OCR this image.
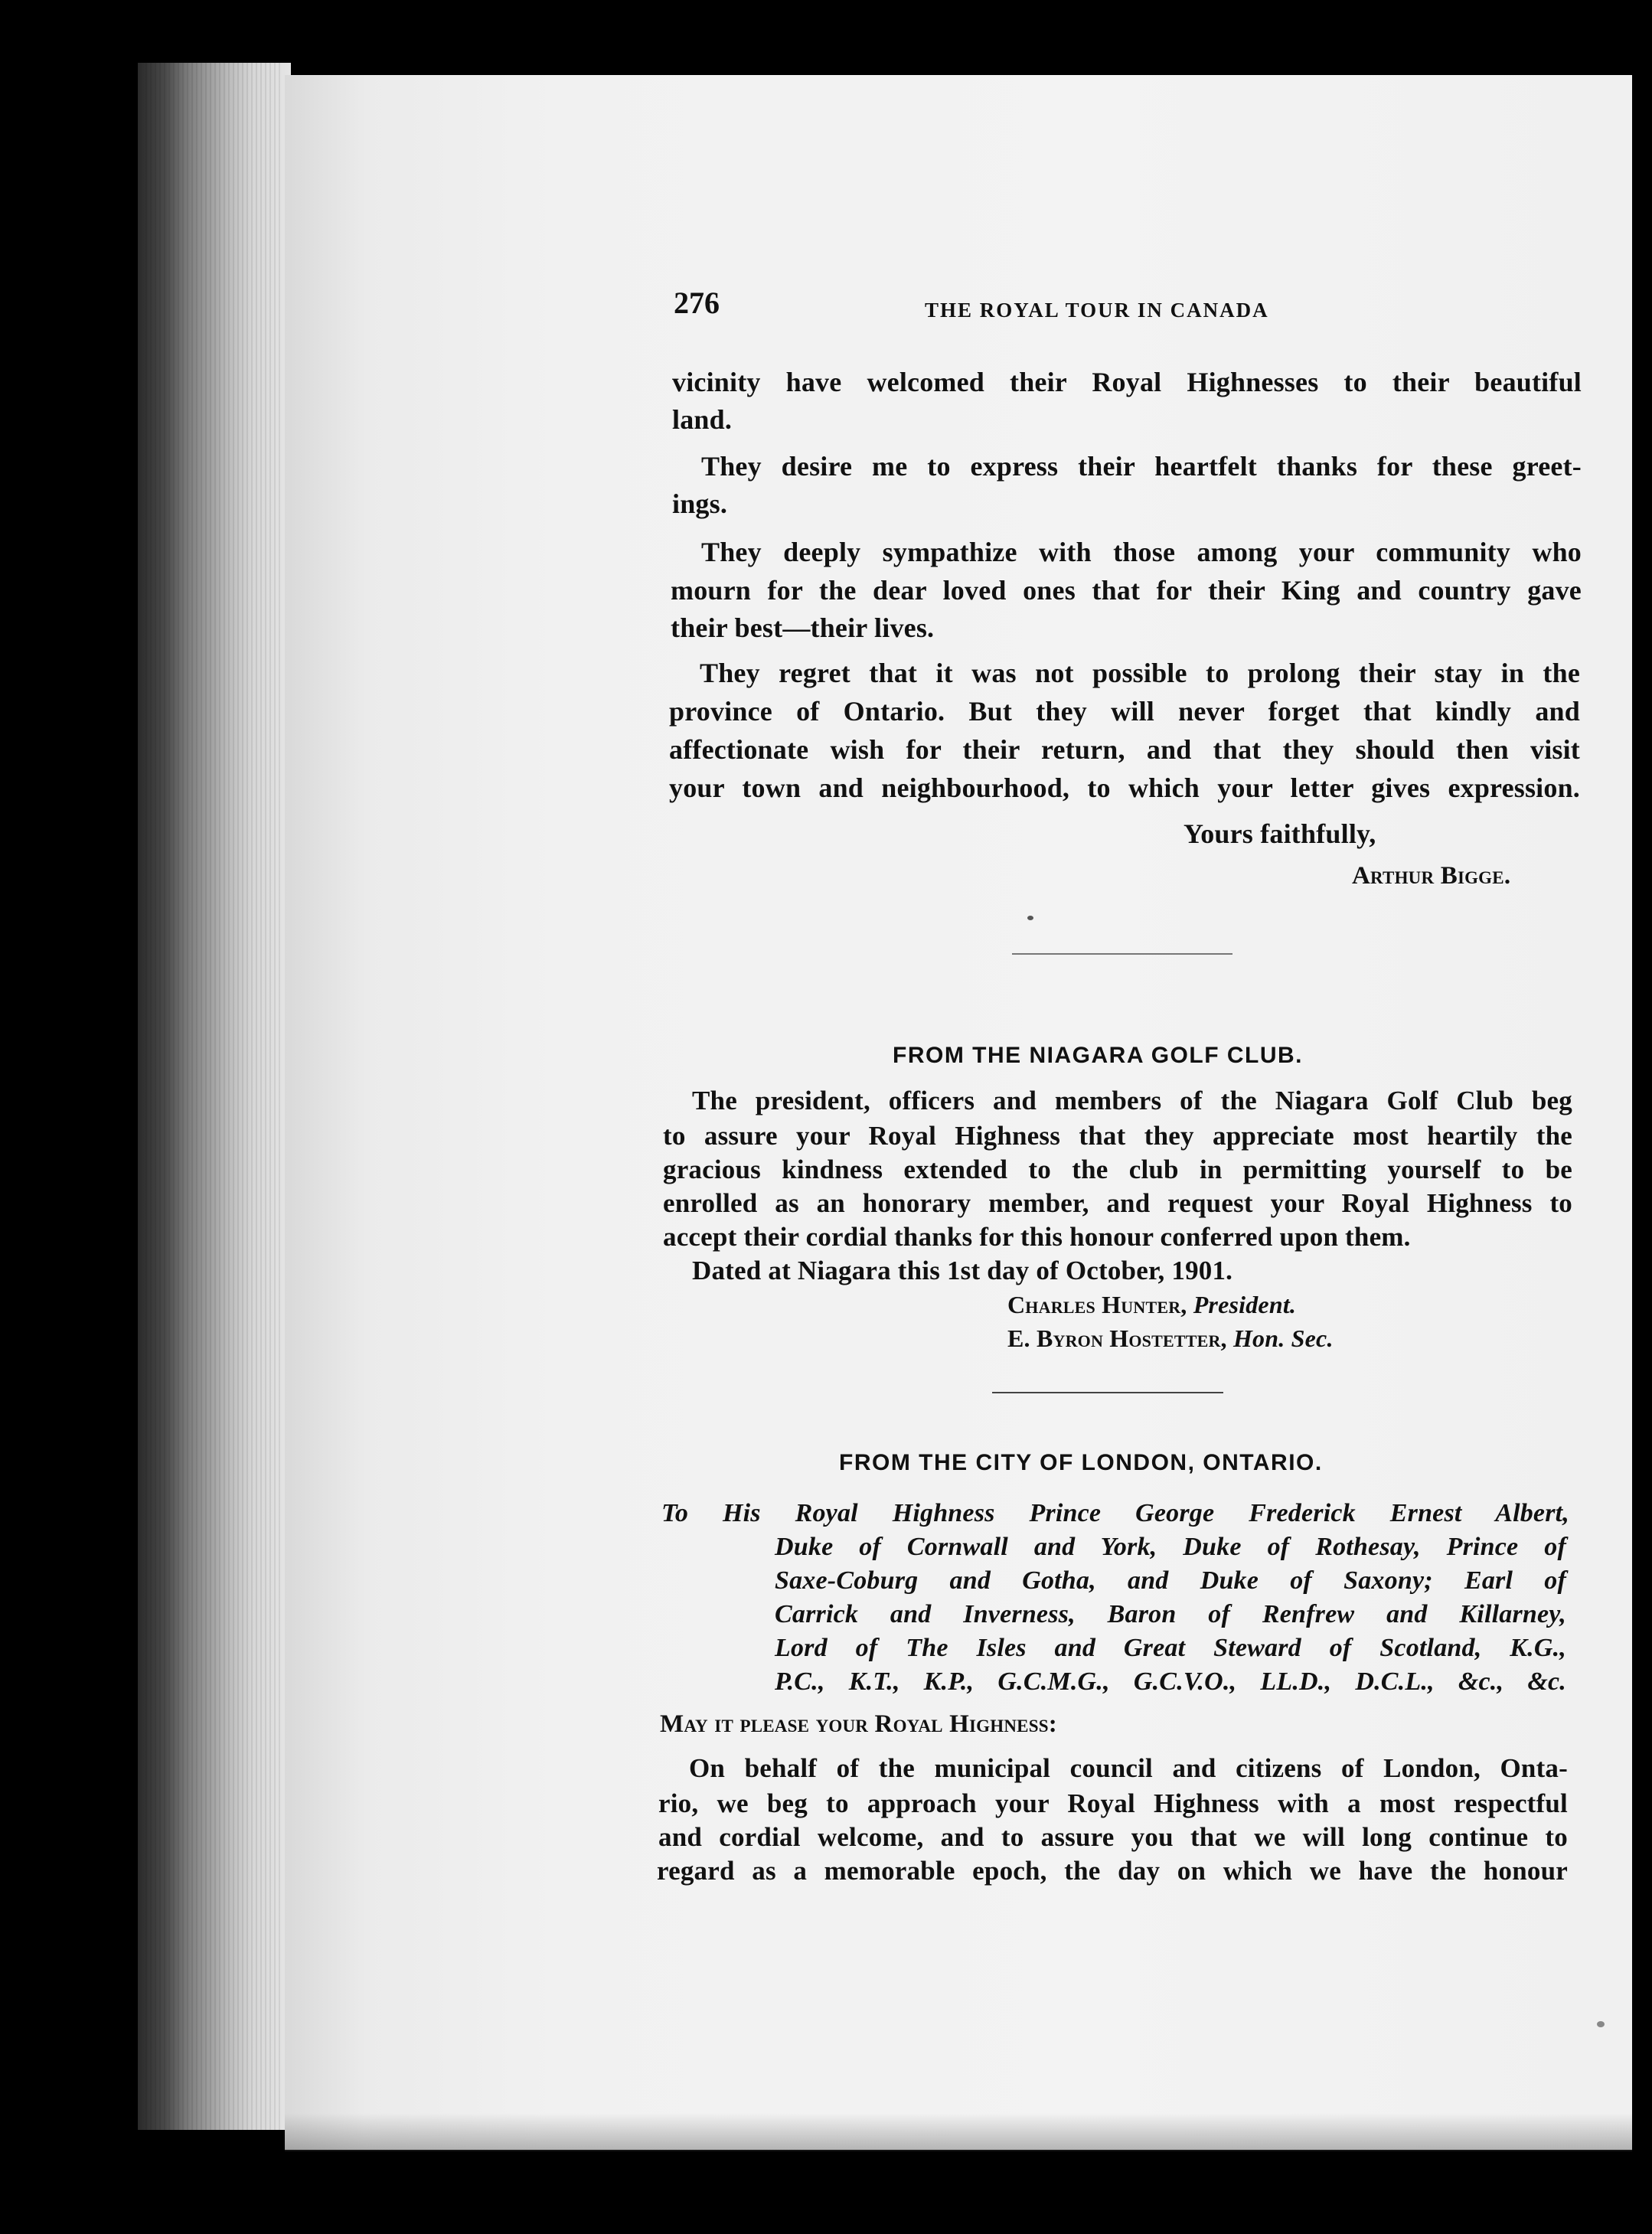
276	THE ROYAL TOUR IN CANADA
vicinity have welcomed their Royal Highnesses to their beautiful
land.
They desire me to express their heartfelt thanks for these greet-
ings.
They deeply sympathize with those among your community who
mourn for the dear loved ones that for their King and country gave
their best—their lives.
They regret that it was not possible to prolong their stay in the
province of Ontario. But they will never forget that kindly and
affectionate wish for their return, and that they should then visit
your town and neighbourhood, to which your letter gives expression.
Yours faithfully,
Arthur Bigge.
FROM THE NIAGARA GOLF CLUB.
The president, officers and members of the Niagara Golf Club beg
to assure your Royal Highness that they appreciate most heartily the
gracious kindness extended to the club in permitting yourself to be
enrolled as an honorary member, and request your Royal Highness to
accept their cordial thanks for this honour conferred upon them.
Dated at Niagara this 1st day of October, 1901.
Charles Hunter, President.
E. Byron Hostetter, Hon. Sec.
FROM THE CITY OF LONDON, ONTARIO.
To His Royal Highness Prince George Frederick Ernest Albert,
Duke of Cornwall and York, Duke of Rothesay, Prince of
Saxe-Coburg and Gotha, and Duke of Saxony; Earl of
Carrick and Inverness, Baron of Renfrew and Killarney,
Lord of The Isles and Great Steward of Scotland, K.G.,
P.C., K.T., K.P., G.C.M.G., G.C.V.O., LL.D., D.C.L., &c., &c.
May it please your Royal Highness:
On behalf of the municipal council and citizens of London, Onta-
rio, we beg to approach your Royal Highness with a most respectful
and cordial welcome, and to assure you that we will long continue to
regard as a memorable epoch, the day on which we have the honour
